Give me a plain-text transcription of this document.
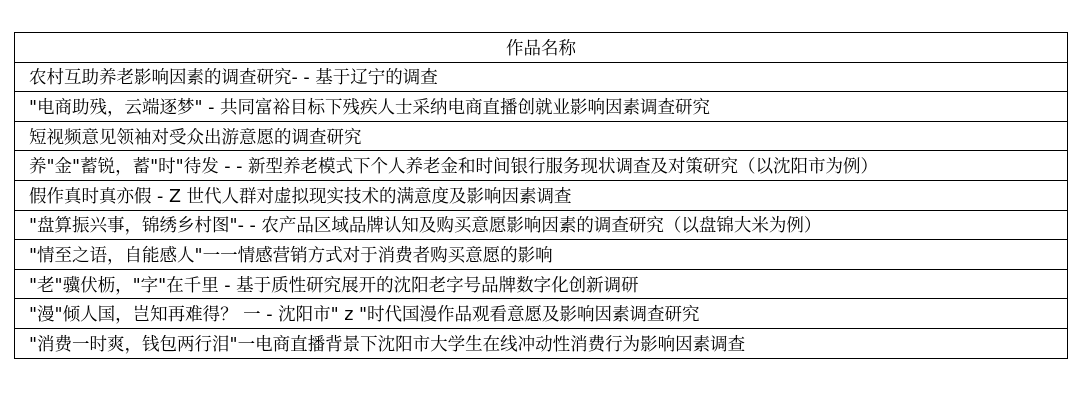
作品名称
农村互助养老影响因素的调查研究- - 基于辽宁的调查
"电商助残，云端逐梦" - 共同富裕目标下残疾人士采纳电商直播创就业影响因素调查研究
短视频意见领袖对受众出游意愿的调查研究
养"金"蓄锐，蓄"时"待发 - - 新型养老模式下个人养老金和时间银行服务现状调查及对策研究（以沈阳市为例）
假作真时真亦假 - Z 世代人群对虚拟现实技术的满意度及影响因素调查
"盘算振兴事，锦绣乡村图"- - 农产品区域品牌认知及购买意愿影响因素的调查研究（以盘锦大米为例）
"情至之语，自能感人"一一情感营销方式对于消费者购买意愿的影响
"老"骥伏枥，"字"在千里 - 基于质性研究展开的沈阳老字号品牌数字化创新调研
"漫"倾人国，岂知再难得？ 一 - 沈阳市" z "时代国漫作品观看意愿及影响因素调查研究
"消费一时爽，钱包两行泪"一电商直播背景下沈阳市大学生在线冲动性消费行为影响因素调查
